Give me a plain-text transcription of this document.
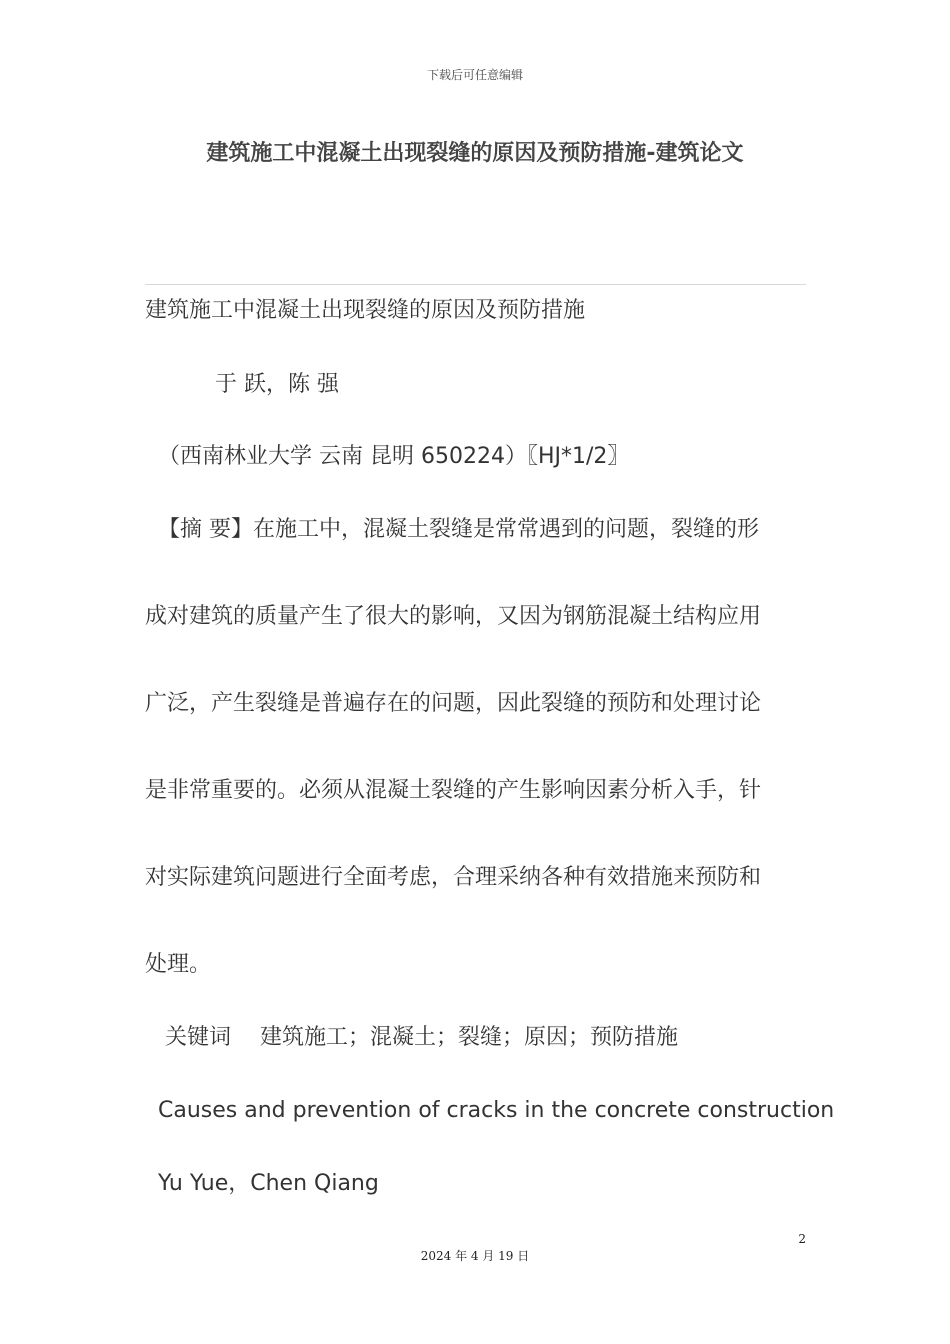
下载后可任意编辑
建筑施工中混凝土出现裂缝的原因及预防措施-建筑论文
建筑施工中混凝土出现裂缝的原因及预防措施
于 跃，陈 强
（西南林业大学 云南 昆明 650224）〖HJ*1/2〗
【摘 要】在施工中，混凝土裂缝是常常遇到的问题，裂缝的形
成对建筑的质量产生了很大的影响，又因为钢筋混凝土结构应用
广泛，产生裂缝是普遍存在的问题，因此裂缝的预防和处理讨论
是非常重要的。必须从混凝土裂缝的产生影响因素分析入手，针
对实际建筑问题进行全面考虑，合理采纳各种有效措施来预防和
处理。
关键词 建筑施工；混凝土；裂缝；原因；预防措施
Causes and prevention of cracks in the concrete construction
Yu Yue，Chen Qiang
2
2024 年 4 月 19 日
